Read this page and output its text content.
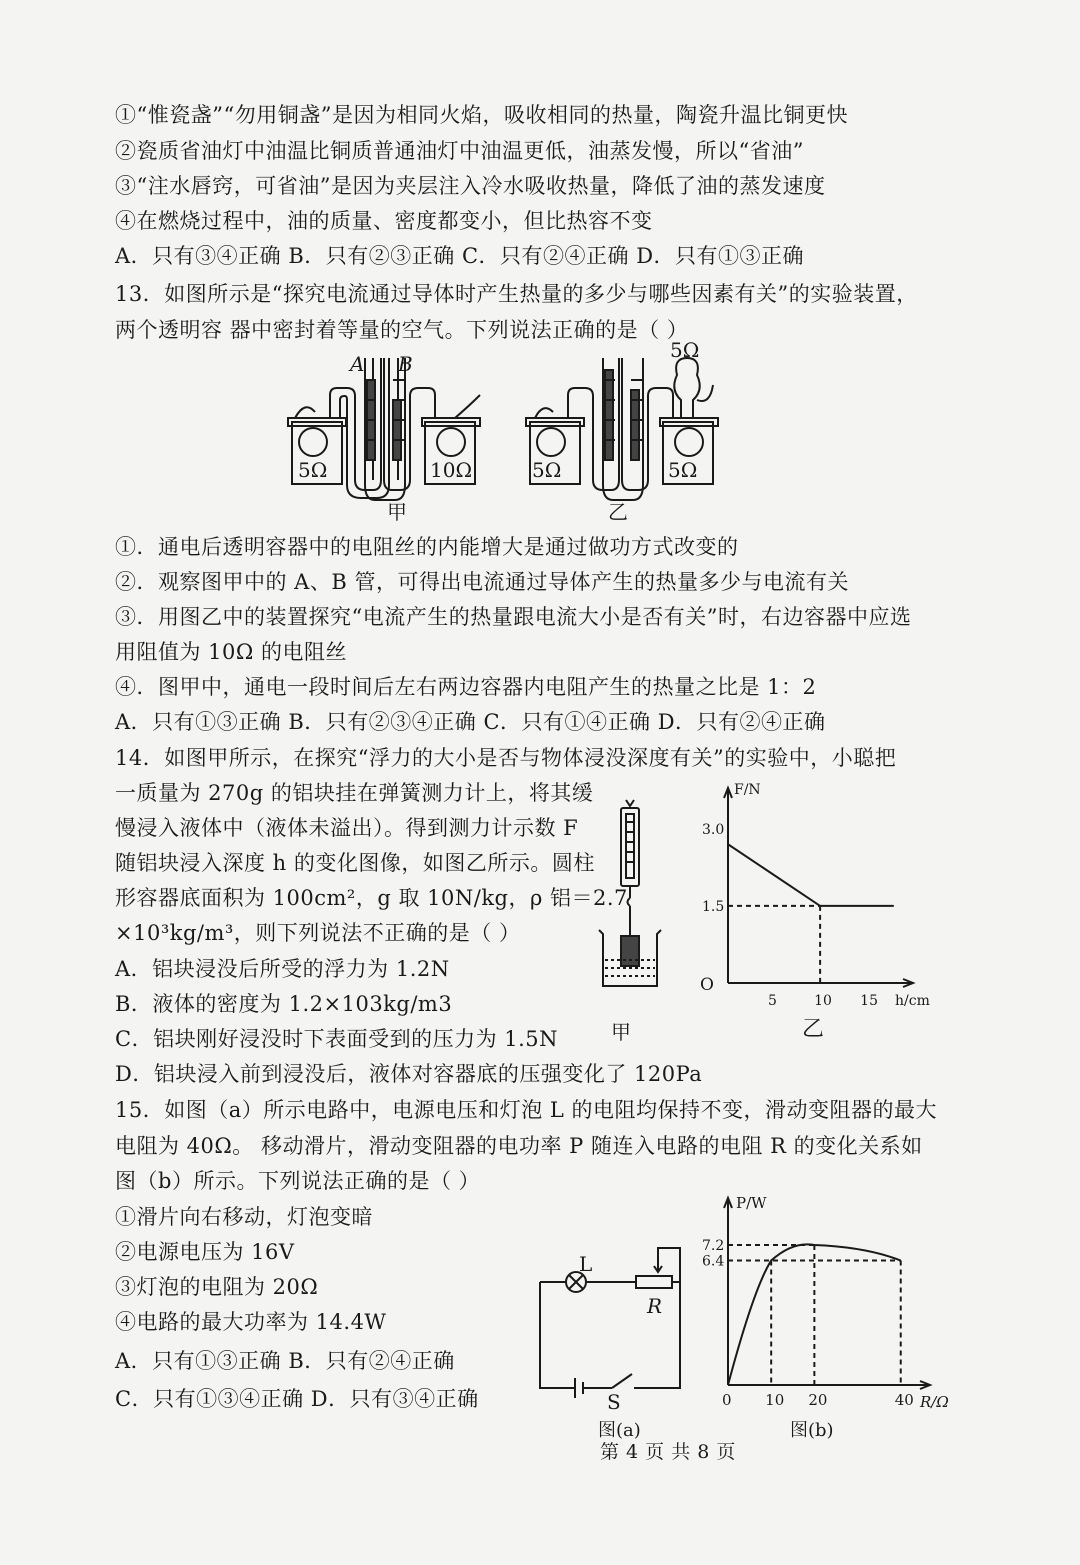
①“惟瓷盏”“勿用铜盏”是因为相同火焰，吸收相同的热量，陶瓷升温比铜更快
②瓷质省油灯中油温比铜质普通油灯中油温更低，油蒸发慢，所以“省油”
③“注水唇窍，可省油”是因为夹层注入冷水吸收热量，降低了油的蒸发速度
④在燃烧过程中，油的质量、密度都变小，但比热容不变
A．只有③④正确 B．只有②③正确 C．只有②④正确 D．只有①③正确
13．如图所示是“探究电流通过导体时产生热量的多少与哪些因素有关”的实验装置，
两个透明容 器中密封着等量的空气。下列说法正确的是（ ）
A B
5Ω	10Ω	5Ω	5Ω
5Ω
甲	乙
①．通电后透明容器中的电阻丝的内能增大是通过做功方式改变的
②．观察图甲中的 A、B 管，可得出电流通过导体产生的热量多少与电流有关
③．用图乙中的装置探究“电流产生的热量跟电流大小是否有关”时，右边容器中应选
用阻值为 10Ω 的电阻丝
④．图甲中，通电一段时间后左右两边容器内电阻产生的热量之比是 1：2
A．只有①③正确 B．只有②③④正确 C．只有①④正确 D．只有②④正确
14．如图甲所示，在探究“浮力的大小是否与物体浸没深度有关”的实验中，小聪把
一质量为 270g 的铝块挂在弹簧测力计上，将其缓
慢浸入液体中（液体未溢出）。得到测力计示数 F
随铝块浸入深度 h 的变化图像，如图乙所示。圆柱
形容器底面积为 100cm²，g 取 10N/kg，ρ 铝＝2.7
×10³kg/m³，则下列说法不正确的是（ ）
A．铝块浸没后所受的浮力为 1.2N
B．液体的密度为 1.2×103kg/m3
C．铝块刚好浸没时下表面受到的压力为 1.5N
D．铝块浸入前到浸没后，液体对容器底的压强变化了 120Pa
甲
F/N
h/cm
3.0
1.5
5	10 15
O
乙
15．如图（a）所示电路中，电源电压和灯泡 L 的电阻均保持不变，滑动变阻器的最大
电阻为 40Ω。 移动滑片，滑动变阻器的电功率 P 随连入电路的电阻 R 的变化关系如
图（b）所示。下列说法正确的是（ ）
①滑片向右移动，灯泡变暗
②电源电压为 16V
③灯泡的电阻为 20Ω
④电路的最大功率为 14.4W
A．只有①③正确 B．只有②④正确
C．只有①③④正确 D．只有③④正确
L
R
S
图(a)
P/W
R/Ω
7.2
6.4
0 10 20	40
图(b)
第 4 页 共 8 页
